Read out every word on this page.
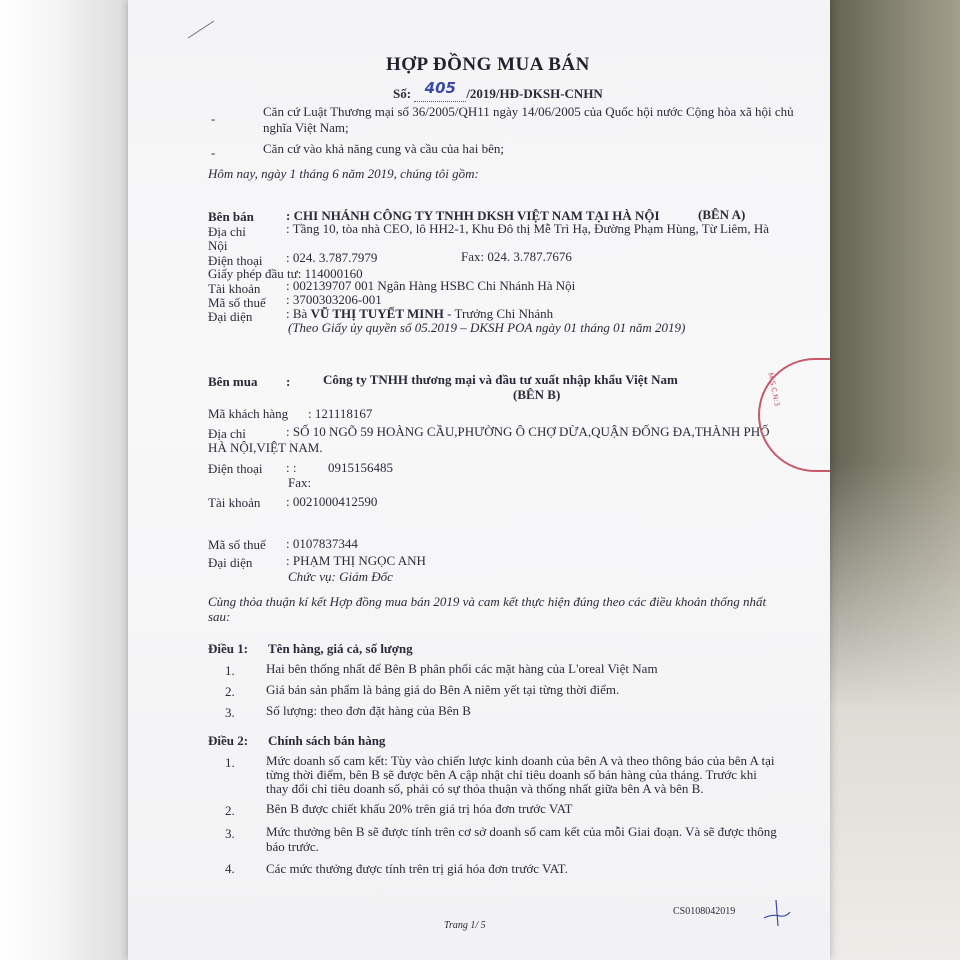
HỢP ĐỒNG MUA BÁN
Số: 405 /2019/HĐ-DKSH-CNHN
-	Căn cứ Luật Thương mại số 36/2005/QH11 ngày 14/06/2005 của Quốc hội nước Cộng hòa xã hội chủ
nghĩa Việt Nam;
-	Căn cứ vào khả năng cung và cầu của hai bên;
Hôm nay, ngày 1 tháng 6 năm 2019, chúng tôi gồm:
Bên bán : CHI NHÁNH CÔNG TY TNHH DKSH VIỆT NAM TẠI HÀ NỘI	(BÊN A)
Địa chỉ	: Tầng 10, tòa nhà CEO, lô HH2-1, Khu Đô thị Mễ Trì Hạ, Đường Phạm Hùng, Từ Liêm, Hà
Nội
Điện thoại : 024. 3.787.7979	Fax: 024. 3.787.7676
Giấy phép đầu tư: 114000160
Tài khoản : 002139707 001 Ngân Hàng HSBC Chi Nhánh Hà Nội
Mã số thuế : 3700303206-001
Đại diện	: Bà VŨ THỊ TUYẾT MINH - Trưởng Chi Nhánh
(Theo Giấy ủy quyền số 05.2019 – DKSH POA ngày 01 tháng 01 năm 2019)
Bên mua :	Công ty TNHH thương mại và đầu tư xuất nhập khẩu Việt Nam
(BÊN B)
Mã khách hàng : 121118167
Địa chỉ	: SỐ 10 NGÕ 59 HOÀNG CẦU,PHƯỜNG Ô CHỢ DỪA,QUẬN ĐỐNG ĐA,THÀNH PHỐ
HÀ NỘI,VIỆT NAM.
Điện thoại : : 0915156485
Fax:
Tài khoản : 0021000412590
Mã số thuế : 0107837344
Đại diện	: PHẠM THỊ NGỌC ANH
Chức vụ: Giám Đốc
Cùng thỏa thuận kí kết Hợp đồng mua bán 2019 và cam kết thực hiện đúng theo các điều khoản thống nhất
sau:
Điều 1: Tên hàng, giá cả, số lượng
1. Hai bên thống nhất để Bên B phân phối các mặt hàng của L'oreal Việt Nam
2. Giá bán sản phẩm là bảng giá do Bên A niêm yết tại từng thời điểm.
3. Số lượng: theo đơn đặt hàng của Bên B
Điều 2: Chính sách bán hàng
1. Mức doanh số cam kết: Tùy vào chiến lược kinh doanh của bên A và theo thông báo của bên A tại
từng thời điểm, bên B sẽ được bên A cập nhật chỉ tiêu doanh số bán hàng của tháng. Trước khi
thay đổi chỉ tiêu doanh số, phải có sự thỏa thuận và thống nhất giữa bên A và bên B.
2. Bên B được chiết khấu 20% trên giá trị hóa đơn trước VAT
3. Mức thưởng bên B sẽ được tính trên cơ sở doanh số cam kết của mỗi Giai đoạn. Và sẽ được thông
báo trước.
4. Các mức thưởng được tính trên trị giá hóa đơn trước VAT.
CS0108042019
Trang 1/ 5
M.S.C.N:3
